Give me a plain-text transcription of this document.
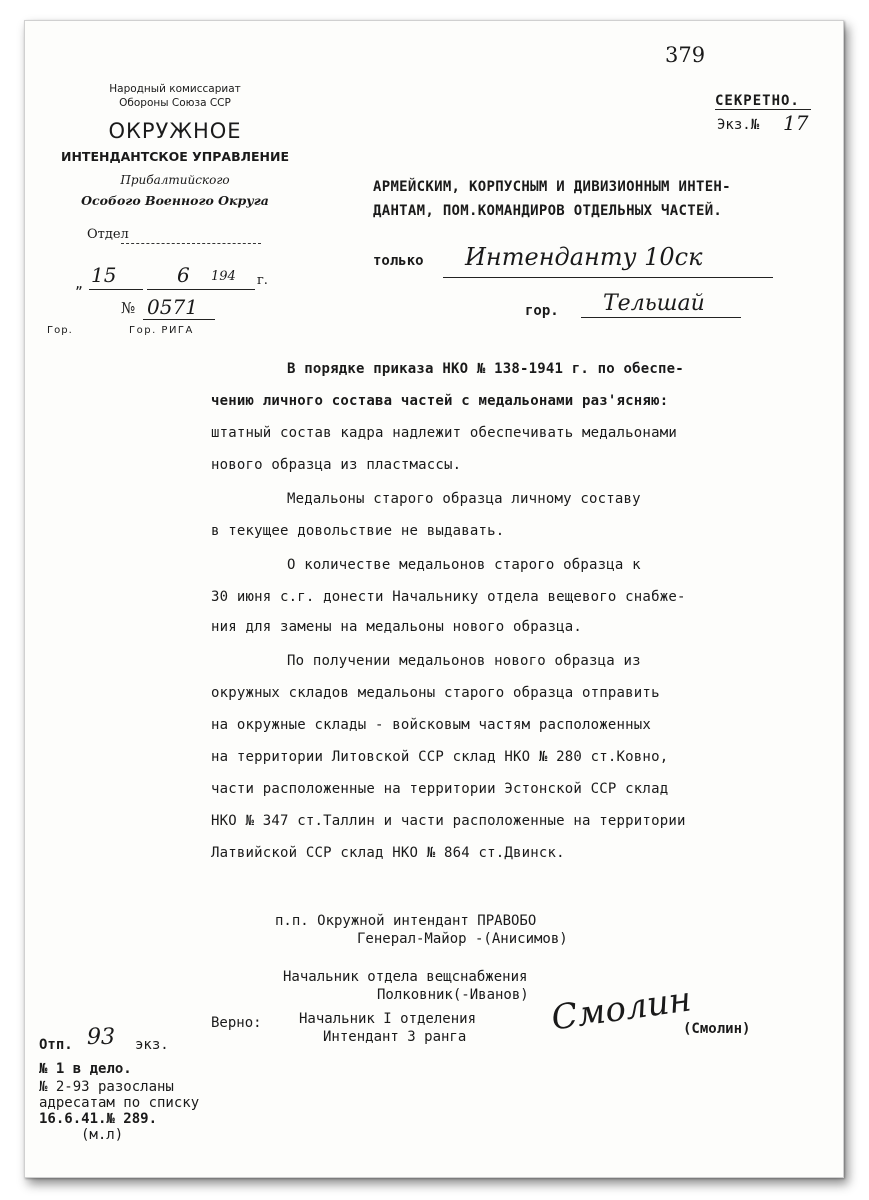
379
Народный комиссариат
Обороны Союза ССР
ОКРУЖНОЕ
ИНТЕНДАНТСКОЕ УПРАВЛЕНИЕ
Прибалтийского
Особого Военного Округа
Отдел
„ 15	6 194 г.
№ 0571
Гор.	Гор. РИГА
СЕКРЕТНО.
Экз.№ 17
АРМЕЙСКИМ, КОРПУСНЫМ И ДИВИЗИОННЫМ ИНТЕН-
ДАНТАМ, ПОМ.КОМАНДИРОВ ОТДЕЛЬНЫХ ЧАСТЕЙ.
только Интенданту 10ск
гор. Тельшай
В порядке приказа НКО № 138-1941 г. по обеспе-
чению личного состава частей с медальонами раз'ясняю:
штатный состав кадра надлежит обеспечивать медальонами
нового образца из пластмассы.
Медальоны старого образца личному составу
в текущее довольствие не выдавать.
О количестве медальонов старого образца к
30 июня с.г. донести Начальнику отдела вещевого снабже-
ния для замены на медальоны нового образца.
По получении медальонов нового образца из
окружных складов медальоны старого образца отправить
на окружные склады - войсковым частям расположенных
на территории Литовской ССР склад НКО № 280 ст.Ковно,
части расположенные на территории Эстонской ССР склад
НКО № 347 ст.Таллин и части расположенные на территории
Латвийской ССР склад НКО № 864 ст.Двинск.
п.п. Окружной интендант ПРАВОБО
Генерал-Майор -(Анисимов)
Начальник отдела вещснабжения
Полковник(-Иванов)
Верно:	Начальник I отделения
Интендант 3 ранга Смолин
(Смолин)
Отп. 93 экз.
№ 1 в дело.
№ 2-93 разосланы
адресатам по списку
16.6.41.№ 289.
(м.л)
